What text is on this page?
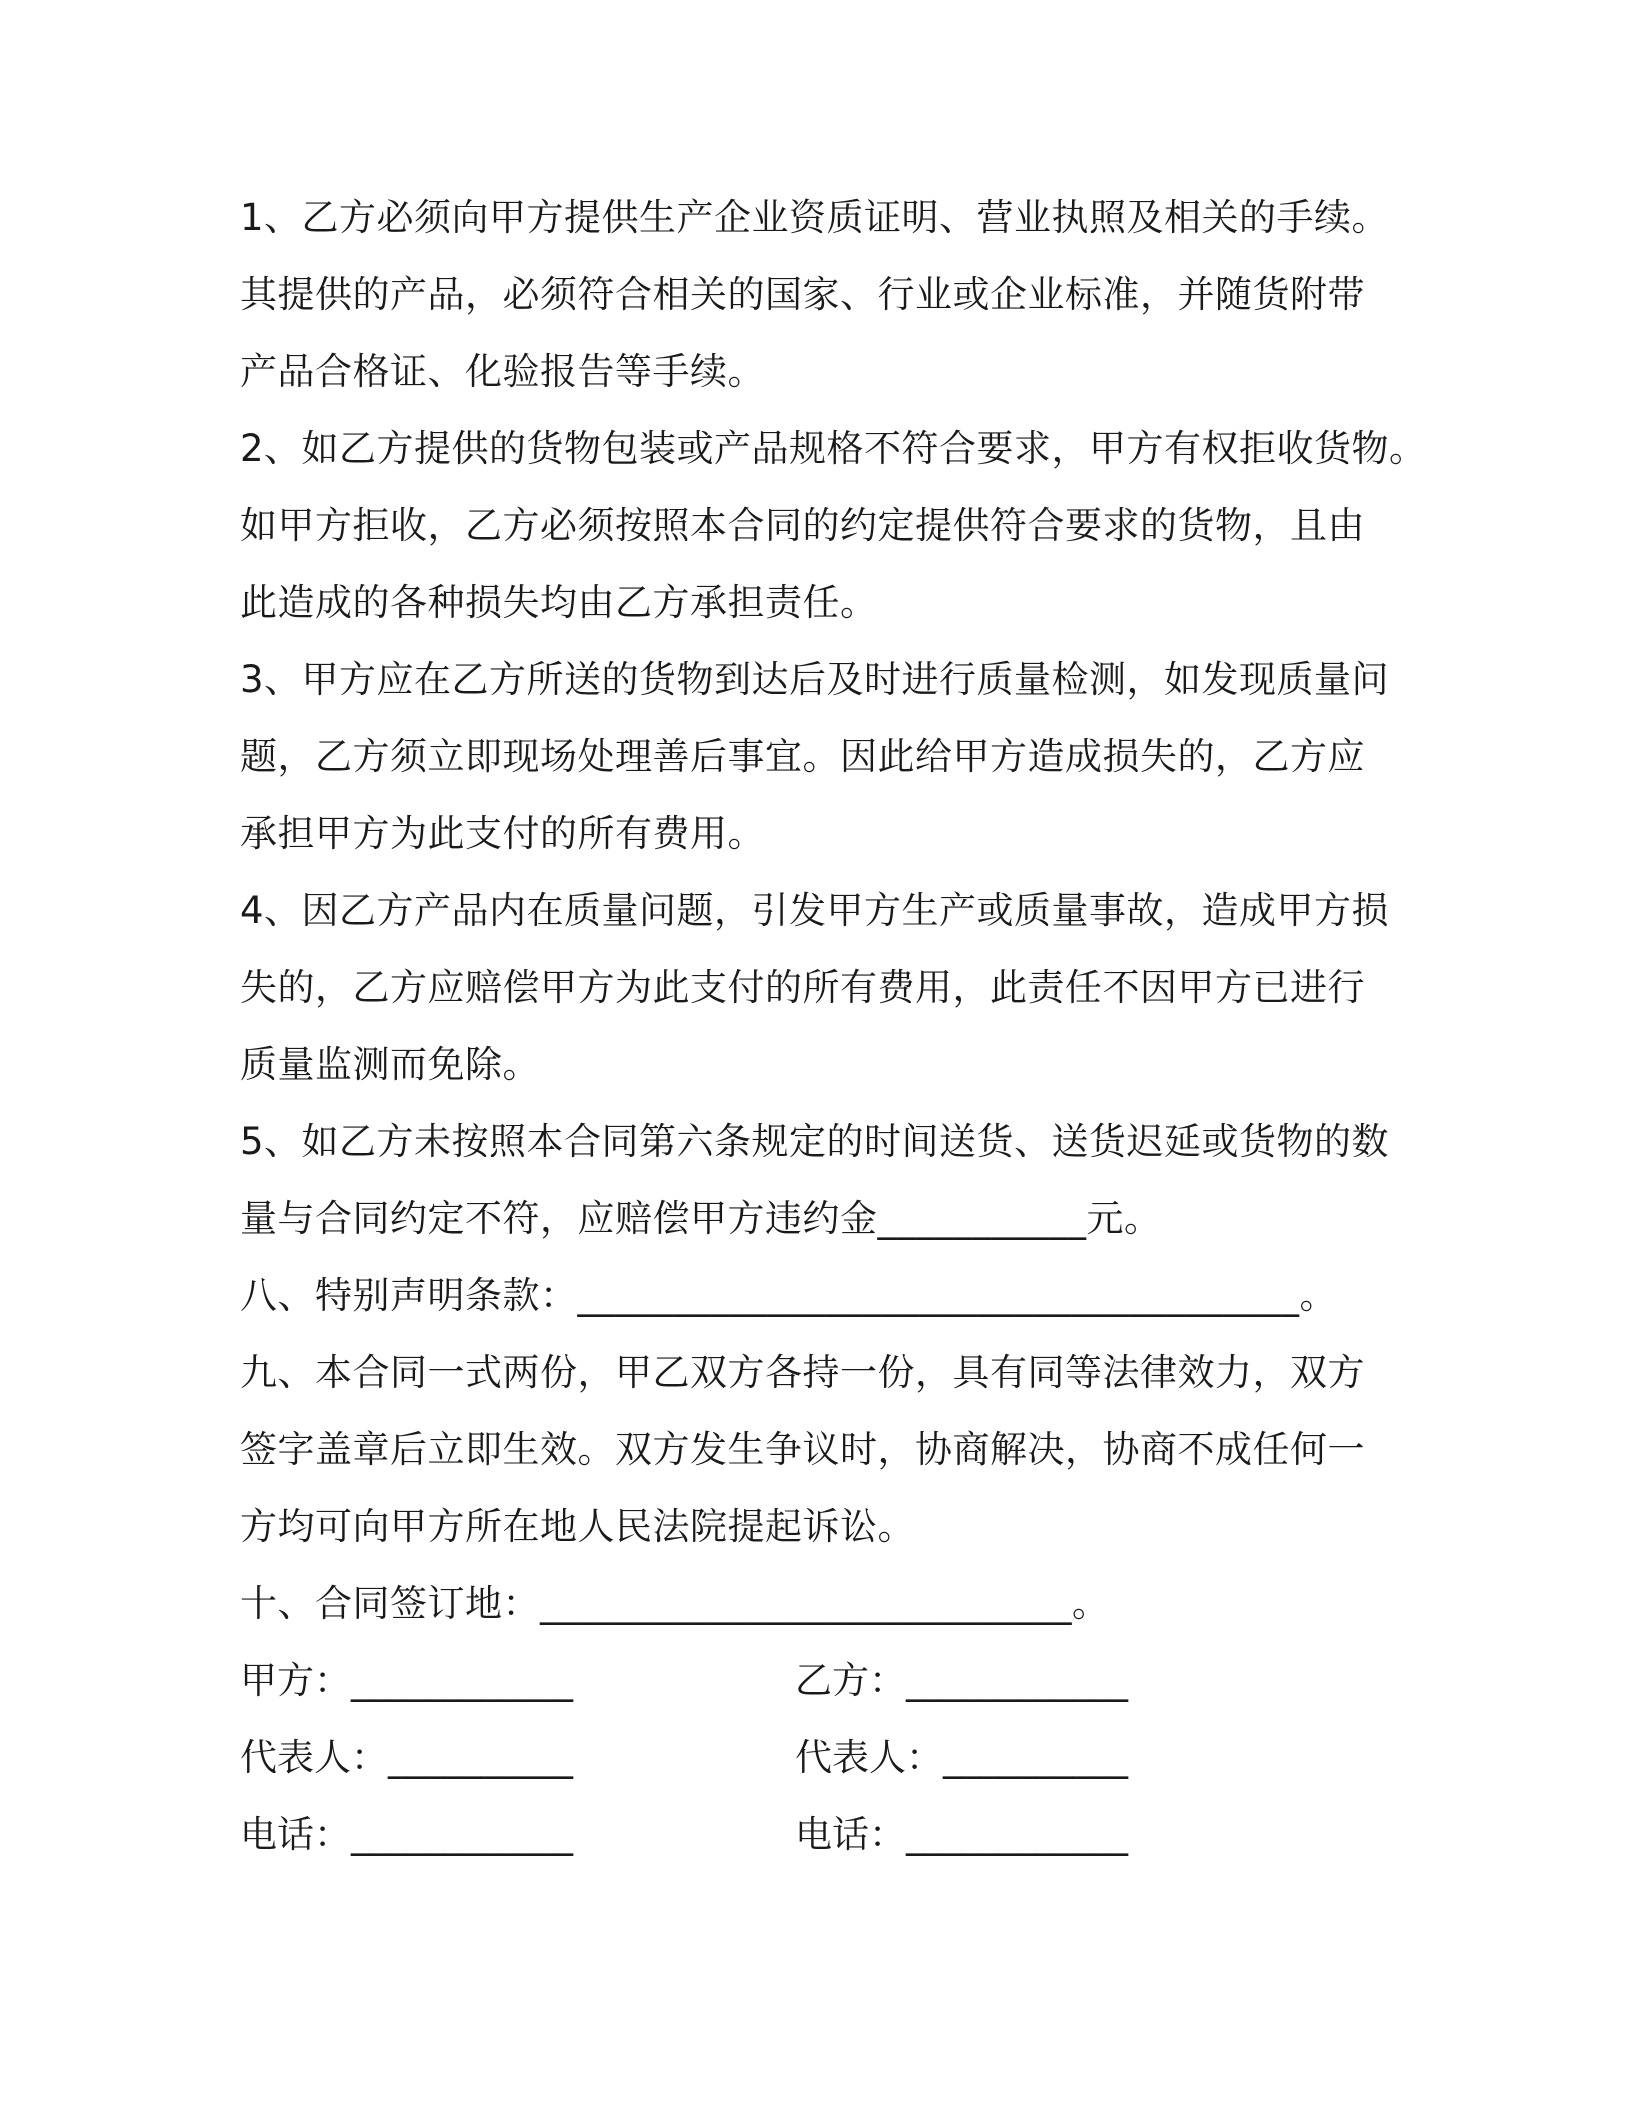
1、乙方必须向甲方提供生产企业资质证明、营业执照及相关的手续。
其提供的产品，必须符合相关的国家、行业或企业标准，并随货附带
产品合格证、化验报告等手续。
2、如乙方提供的货物包装或产品规格不符合要求，甲方有权拒收货物。
如甲方拒收，乙方必须按照本合同的约定提供符合要求的货物，且由
此造成的各种损失均由乙方承担责任。
3、甲方应在乙方所送的货物到达后及时进行质量检测，如发现质量问
题，乙方须立即现场处理善后事宜。因此给甲方造成损失的，乙方应
承担甲方为此支付的所有费用。
4、因乙方产品内在质量问题，引发甲方生产或质量事故，造成甲方损
失的，乙方应赔偿甲方为此支付的所有费用，此责任不因甲方已进行
质量监测而免除。
5、如乙方未按照本合同第六条规定的时间送货、送货迟延或货物的数
量与合同约定不符，应赔偿甲方违约金___________元。
八、特别声明条款：______________________________________。
九、本合同一式两份，甲乙双方各持一份，具有同等法律效力，双方
签字盖章后立即生效。双方发生争议时，协商解决，协商不成任何一
方均可向甲方所在地人民法院提起诉讼。
十、合同签订地：____________________________。
甲方：____________
代表人：__________
电话：____________
乙方：____________
代表人：__________
电话：____________
